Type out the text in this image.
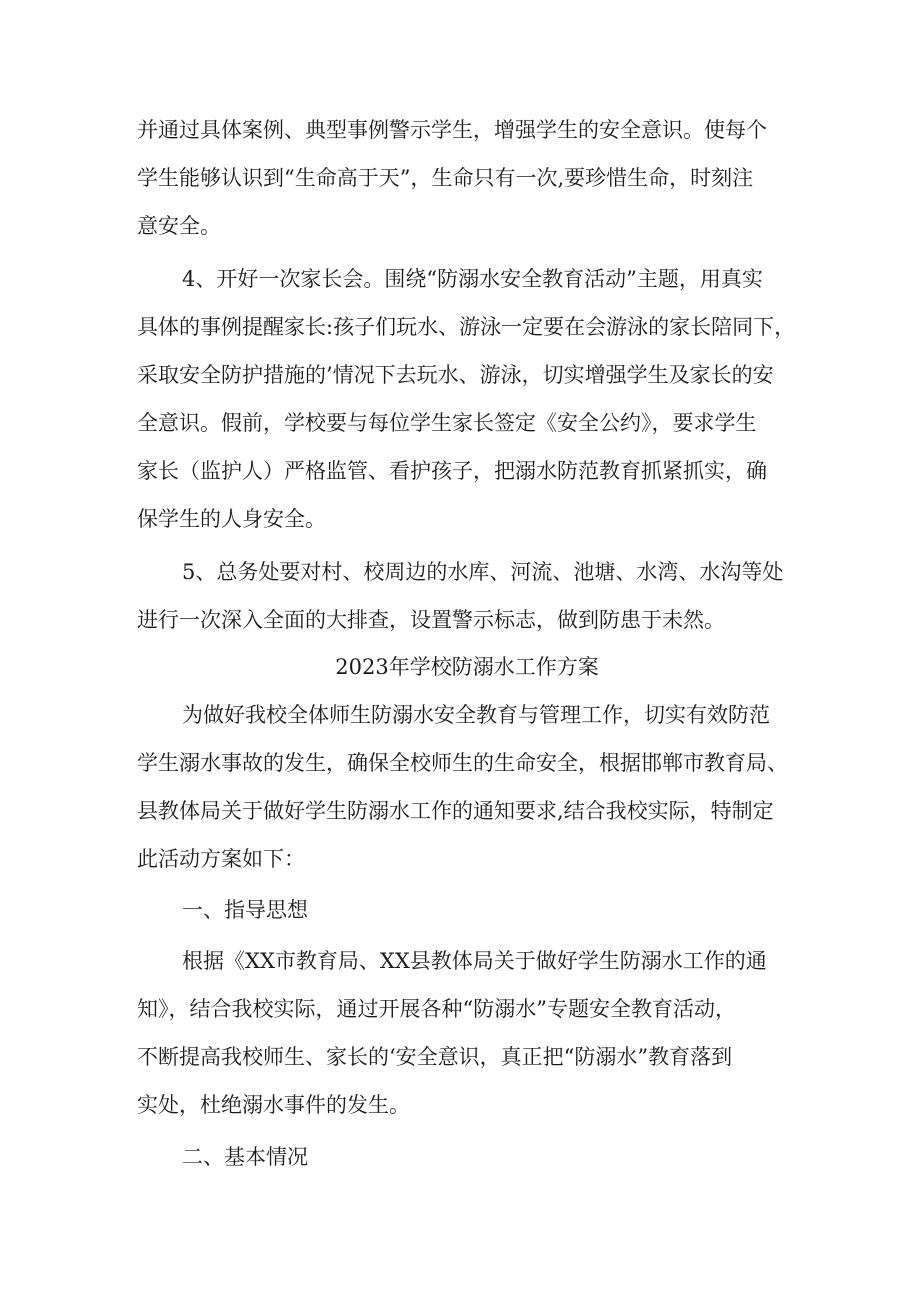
并通过具体案例、典型事例警示学生，增强学生的安全意识。使每个
学生能够认识到“生命高于天”，生命只有一次,要珍惜生命，时刻注
意安全。
4、开好一次家长会。围绕“防溺水安全教育活动”主题，用真实
具体的事例提醒家长:孩子们玩水、游泳一定要在会游泳的家长陪同下，
采取安全防护措施的’情况下去玩水、游泳，切实增强学生及家长的安
全意识。假前，学校要与每位学生家长签定《安全公约》，要求学生
家长（监护人）严格监管、看护孩子，把溺水防范教育抓紧抓实，确
保学生的人身安全。
5、总务处要对村、校周边的水库、河流、池塘、水湾、水沟等处
进行一次深入全面的大排查，设置警示标志，做到防患于未然。
2023年学校防溺水工作方案
为做好我校全体师生防溺水安全教育与管理工作，切实有效防范
学生溺水事故的发生，确保全校师生的生命安全，根据邯郸市教育局、
县教体局关于做好学生防溺水工作的通知要求,结合我校实际，特制定
此活动方案如下：
一、指导思想
根据《XX市教育局、XX县教体局关于做好学生防溺水工作的通
知》，结合我校实际，通过开展各种“防溺水”专题安全教育活动，
不断提高我校师生、家长的‘安全意识，真正把“防溺水”教育落到
实处，杜绝溺水事件的发生。
二、基本情况
